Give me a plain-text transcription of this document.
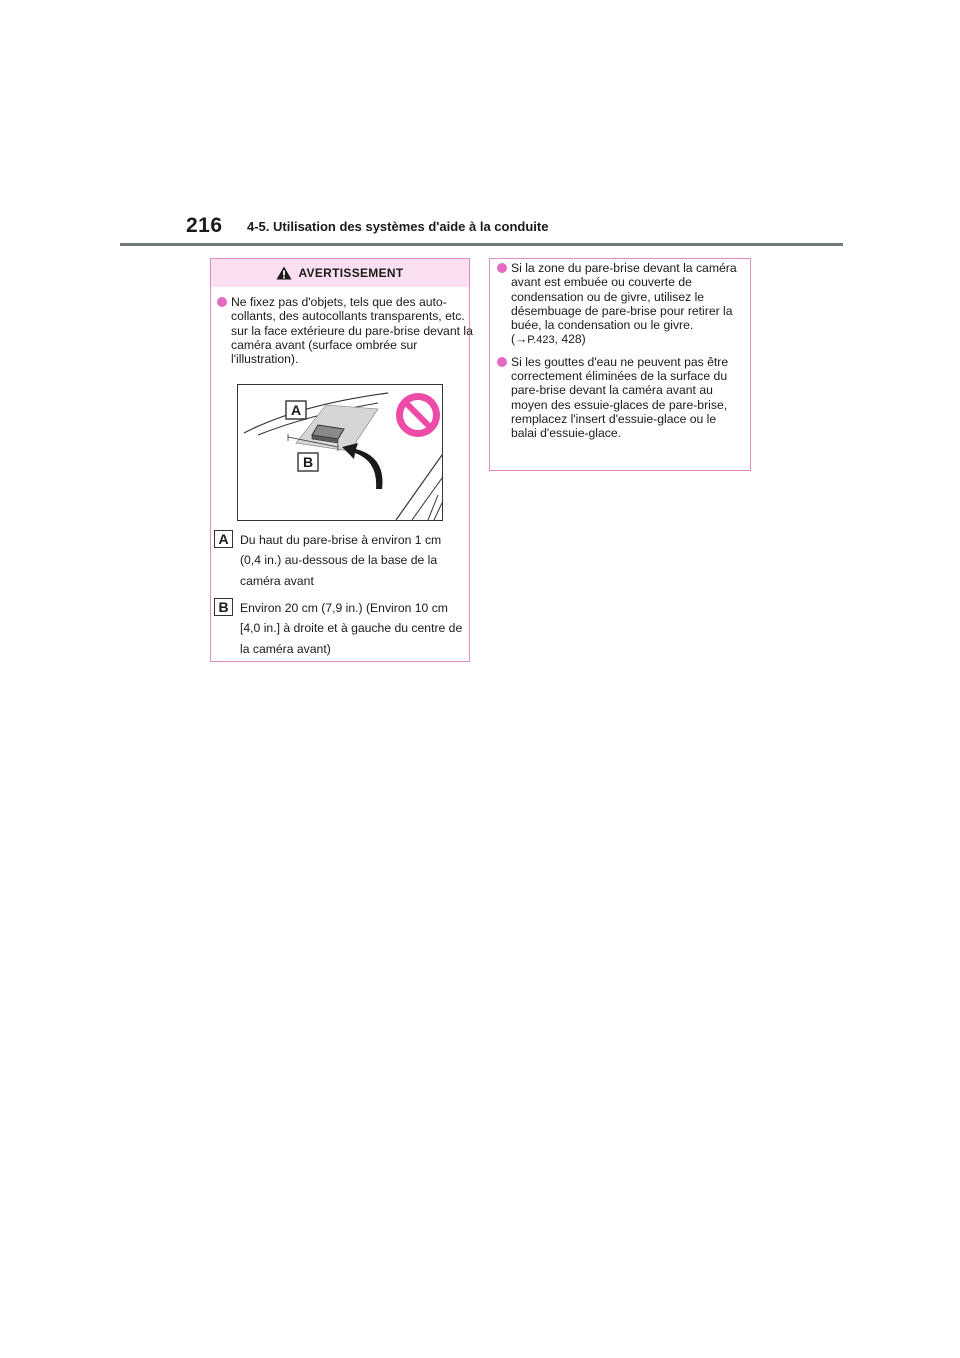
216 4-5. Utilisation des systèmes d'aide à la conduite
AVERTISSEMENT
Ne fixez pas d'objets, tels que des auto-collants, des autocollants transparents, etc. sur la face extérieure du pare-brise devant la caméra avant (surface ombrée sur l'illustration).
A
B
A Du haut du pare-brise à environ 1 cm (0,4 in.) au-dessous de la base de la caméra avant
B Environ 20 cm (7,9 in.) (Environ 10 cm [4,0 in.] à droite et à gauche du centre de la caméra avant)
Si la zone du pare-brise devant la caméra avant est embuée ou couverte de condensation ou de givre, utilisez le désembuage de pare-brise pour retirer la buée, la condensation ou le givre.
(→P.423, 428)
Si les gouttes d'eau ne peuvent pas être correctement éliminées de la surface du pare-brise devant la caméra avant au moyen des essuie-glaces de pare-brise, remplacez l'insert d'essuie-glace ou le balai d'essuie-glace.
